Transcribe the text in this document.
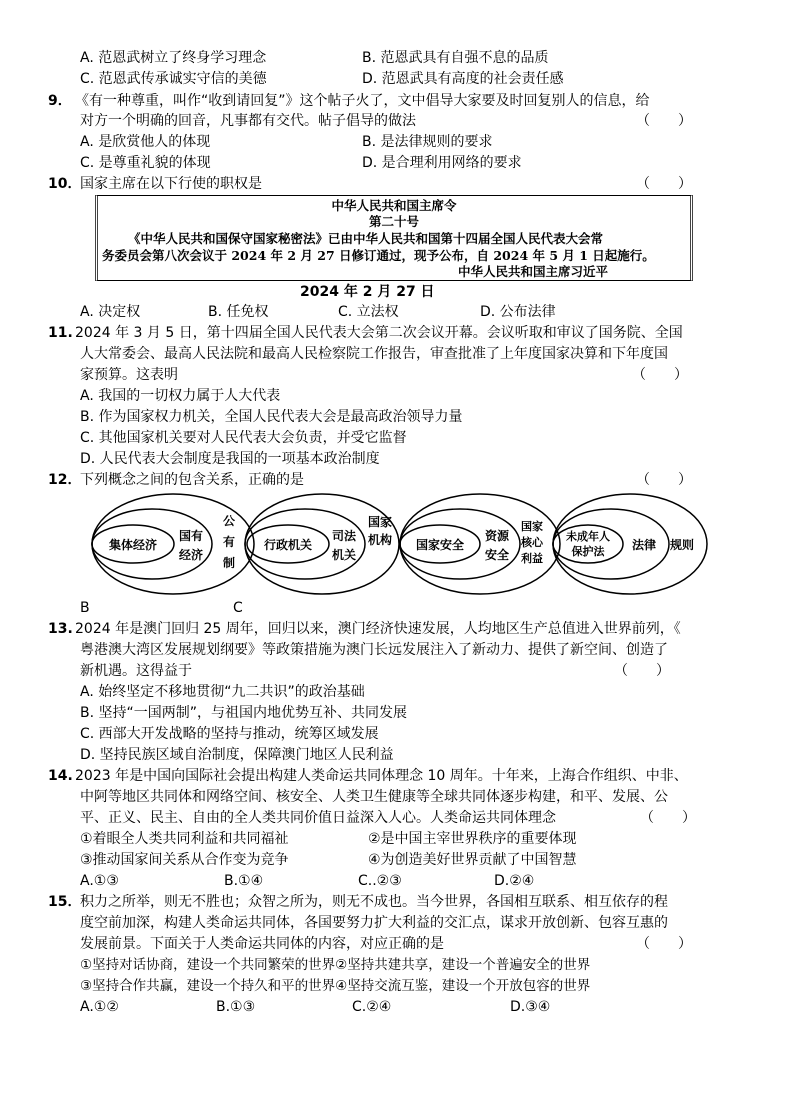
A. 范恩武树立了终身学习理念	B. 范恩武具有自强不息的品质
C. 范恩武传承诚实守信的美德	D. 范恩武具有高度的社会责任感
9． 《有一种尊重，叫作“收到请回复”》这个帖子火了，文中倡导大家要及时回复别人的信息，给
对方一个明确的回音，凡事都有交代。帖子倡导的做法	（　　）
A. 是欣赏他人的体现	B. 是法律规则的要求
C. 是尊重礼貌的体现	D. 是合理利用网络的要求
10．
国家主席在以下行使的职权是	（　　）
中华人民共和国主席令
第二十号
《中华人民共和国保守国家秘密法》已由中华人民共和国第十四届全国人民代表大会常
务委员会第八次会议于 2024 年 2 月 27 日修订通过，现予公布，自 2024 年 5 月 1 日起施行。
中华人民共和国主席习近平
2024 年 2 月 27 日
A. 决定权	B. 任免权	C. 立法权	D. 公布法律
11. 2024 年 3 月 5 日，第十四届全国人民代表大会第二次会议开幕。会议听取和审议了国务院、全国
人大常委会、最高人民法院和最高人民检察院工作报告，审查批准了上年度国家决算和下年度国
家预算。这表明	（　　）
A. 我国的一切权力属于人大代表
B. 作为国家权力机关，全国人民代表大会是最高政治领导力量
C. 其他国家机关要对人民代表大会负责，并受它监督
D. 人民代表大会制度是我国的一项基本政治制度
12．
下列概念之间的包含关系，正确的是	（　　）
集体经济
国有
经济
公
有
制
行政机关
司法
机关
国家
机构 国家安全
资源
安全
国家
核心
利益
未成年人
保护法 法律 规则
B	C
13. 2024 年是澳门回归 25 周年，回归以来，澳门经济快速发展，人均地区生产总值进入世界前列，《
粤港澳大湾区发展规划纲要》等政策措施为澳门长远发展注入了新动力、提供了新空间、创造了
新机遇。这得益于	（　　）
A. 始终坚定不移地贯彻“九二共识”的政治基础
B. 坚持“一国两制”，与祖国内地优势互补、共同发展
C. 西部大开发战略的坚持与推动，统筹区域发展
D. 坚持民族区域自治制度，保障澳门地区人民利益
14. 2023 年是中国向国际社会提出构建人类命运共同体理念 10 周年。十年来，上海合作组织、中非、
中阿等地区共同体和网络空间、核安全、人类卫生健康等全球共同体逐步构建，和平、发展、公
平、正义、民主、自由的全人类共同价值日益深入人心。人类命运共同体理念	（　　）
①着眼全人类共同利益和共同福祉	②是中国主宰世界秩序的重要体现
③推动国家间关系从合作变为竞争	④为创造美好世界贡献了中国智慧
A.①③	B.①④	C..②③	D.②④
15．
积力之所举，则无不胜也；众智之所为，则无不成也。当今世界，各国相互联系、相互依存的程
度空前加深，构建人类命运共同体，各国要努力扩大利益的交汇点，谋求开放创新、包容互惠的
发展前景。下面关于人类命运共同体的内容，对应正确的是	（　　）
①坚持对话协商，建设一个共同繁荣的世界②坚持共建共享，建设一个普遍安全的世界
③坚持合作共赢，建设一个持久和平的世界④坚持交流互鉴，建设一个开放包容的世界
A.①②	B.①③	C.②④	D.③④
